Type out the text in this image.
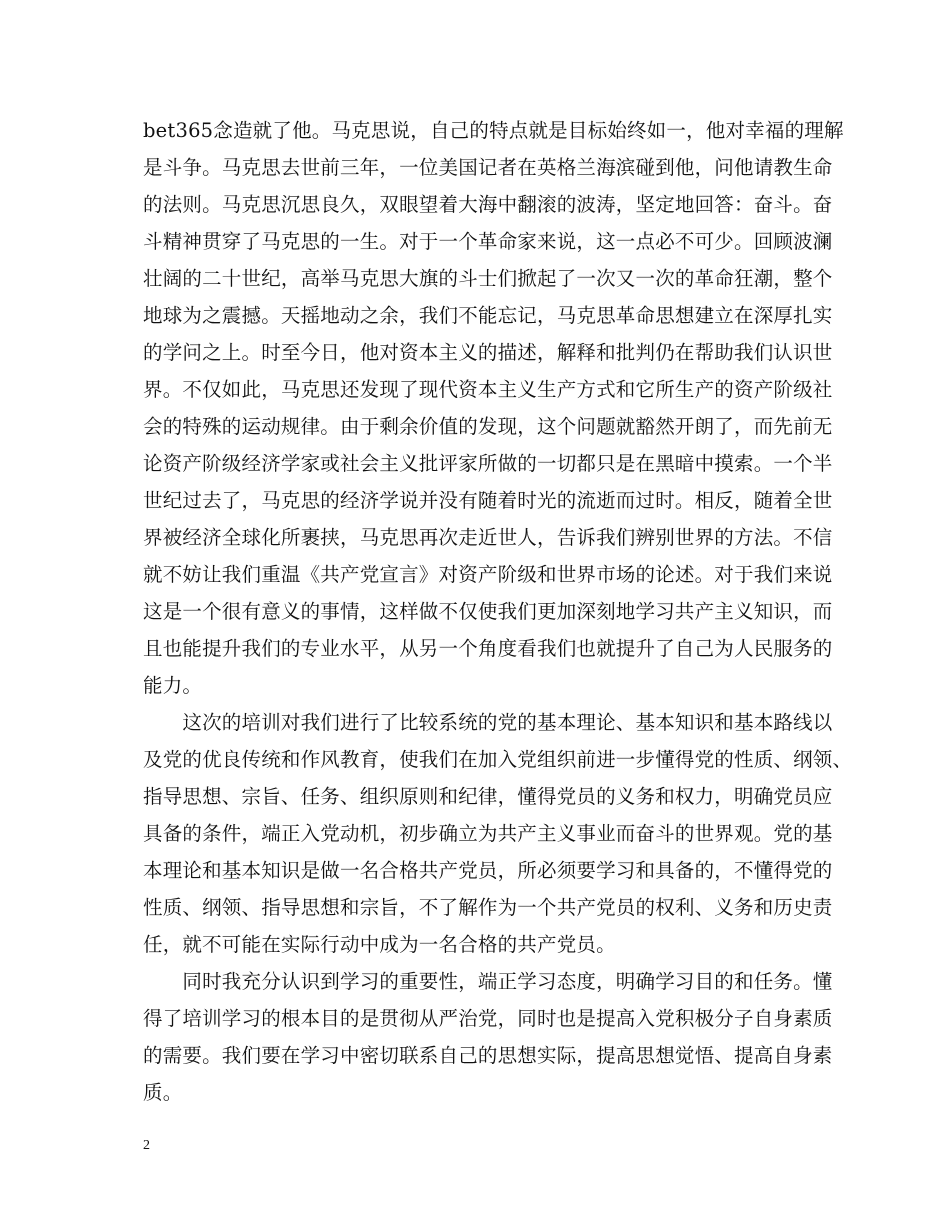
bet365念造就了他。马克思说，自己的特点就是目标始终如一，他对幸福的理解
是斗争。马克思去世前三年，一位美国记者在英格兰海滨碰到他，问他请教生命
的法则。马克思沉思良久，双眼望着大海中翻滚的波涛，坚定地回答：奋斗。奋
斗精神贯穿了马克思的一生。对于一个革命家来说，这一点必不可少。回顾波澜
壮阔的二十世纪，高举马克思大旗的斗士们掀起了一次又一次的革命狂潮，整个
地球为之震撼。天摇地动之余，我们不能忘记，马克思革命思想建立在深厚扎实
的学问之上。时至今日，他对资本主义的描述，解释和批判仍在帮助我们认识世
界。不仅如此，马克思还发现了现代资本主义生产方式和它所生产的资产阶级社
会的特殊的运动规律。由于剩余价值的发现，这个问题就豁然开朗了，而先前无
论资产阶级经济学家或社会主义批评家所做的一切都只是在黑暗中摸索。一个半
世纪过去了，马克思的经济学说并没有随着时光的流逝而过时。相反，随着全世
界被经济全球化所裹挟，马克思再次走近世人，告诉我们辨别世界的方法。不信
就不妨让我们重温《共产党宣言》对资产阶级和世界市场的论述。对于我们来说
这是一个很有意义的事情，这样做不仅使我们更加深刻地学习共产主义知识，而
且也能提升我们的专业水平，从另一个角度看我们也就提升了自己为人民服务的
能力。
　　这次的培训对我们进行了比较系统的党的基本理论、基本知识和基本路线以
及党的优良传统和作风教育，使我们在加入党组织前进一步懂得党的性质、纲领、
指导思想、宗旨、任务、组织原则和纪律，懂得党员的义务和权力，明确党员应
具备的条件，端正入党动机，初步确立为共产主义事业而奋斗的世界观。党的基
本理论和基本知识是做一名合格共产党员，所必须要学习和具备的，不懂得党的
性质、纲领、指导思想和宗旨，不了解作为一个共产党员的权利、义务和历史责
任，就不可能在实际行动中成为一名合格的共产党员。
　　同时我充分认识到学习的重要性，端正学习态度，明确学习目的和任务。懂
得了培训学习的根本目的是贯彻从严治党，同时也是提高入党积极分子自身素质
的需要。我们要在学习中密切联系自己的思想实际，提高思想觉悟、提高自身素
质。
2
